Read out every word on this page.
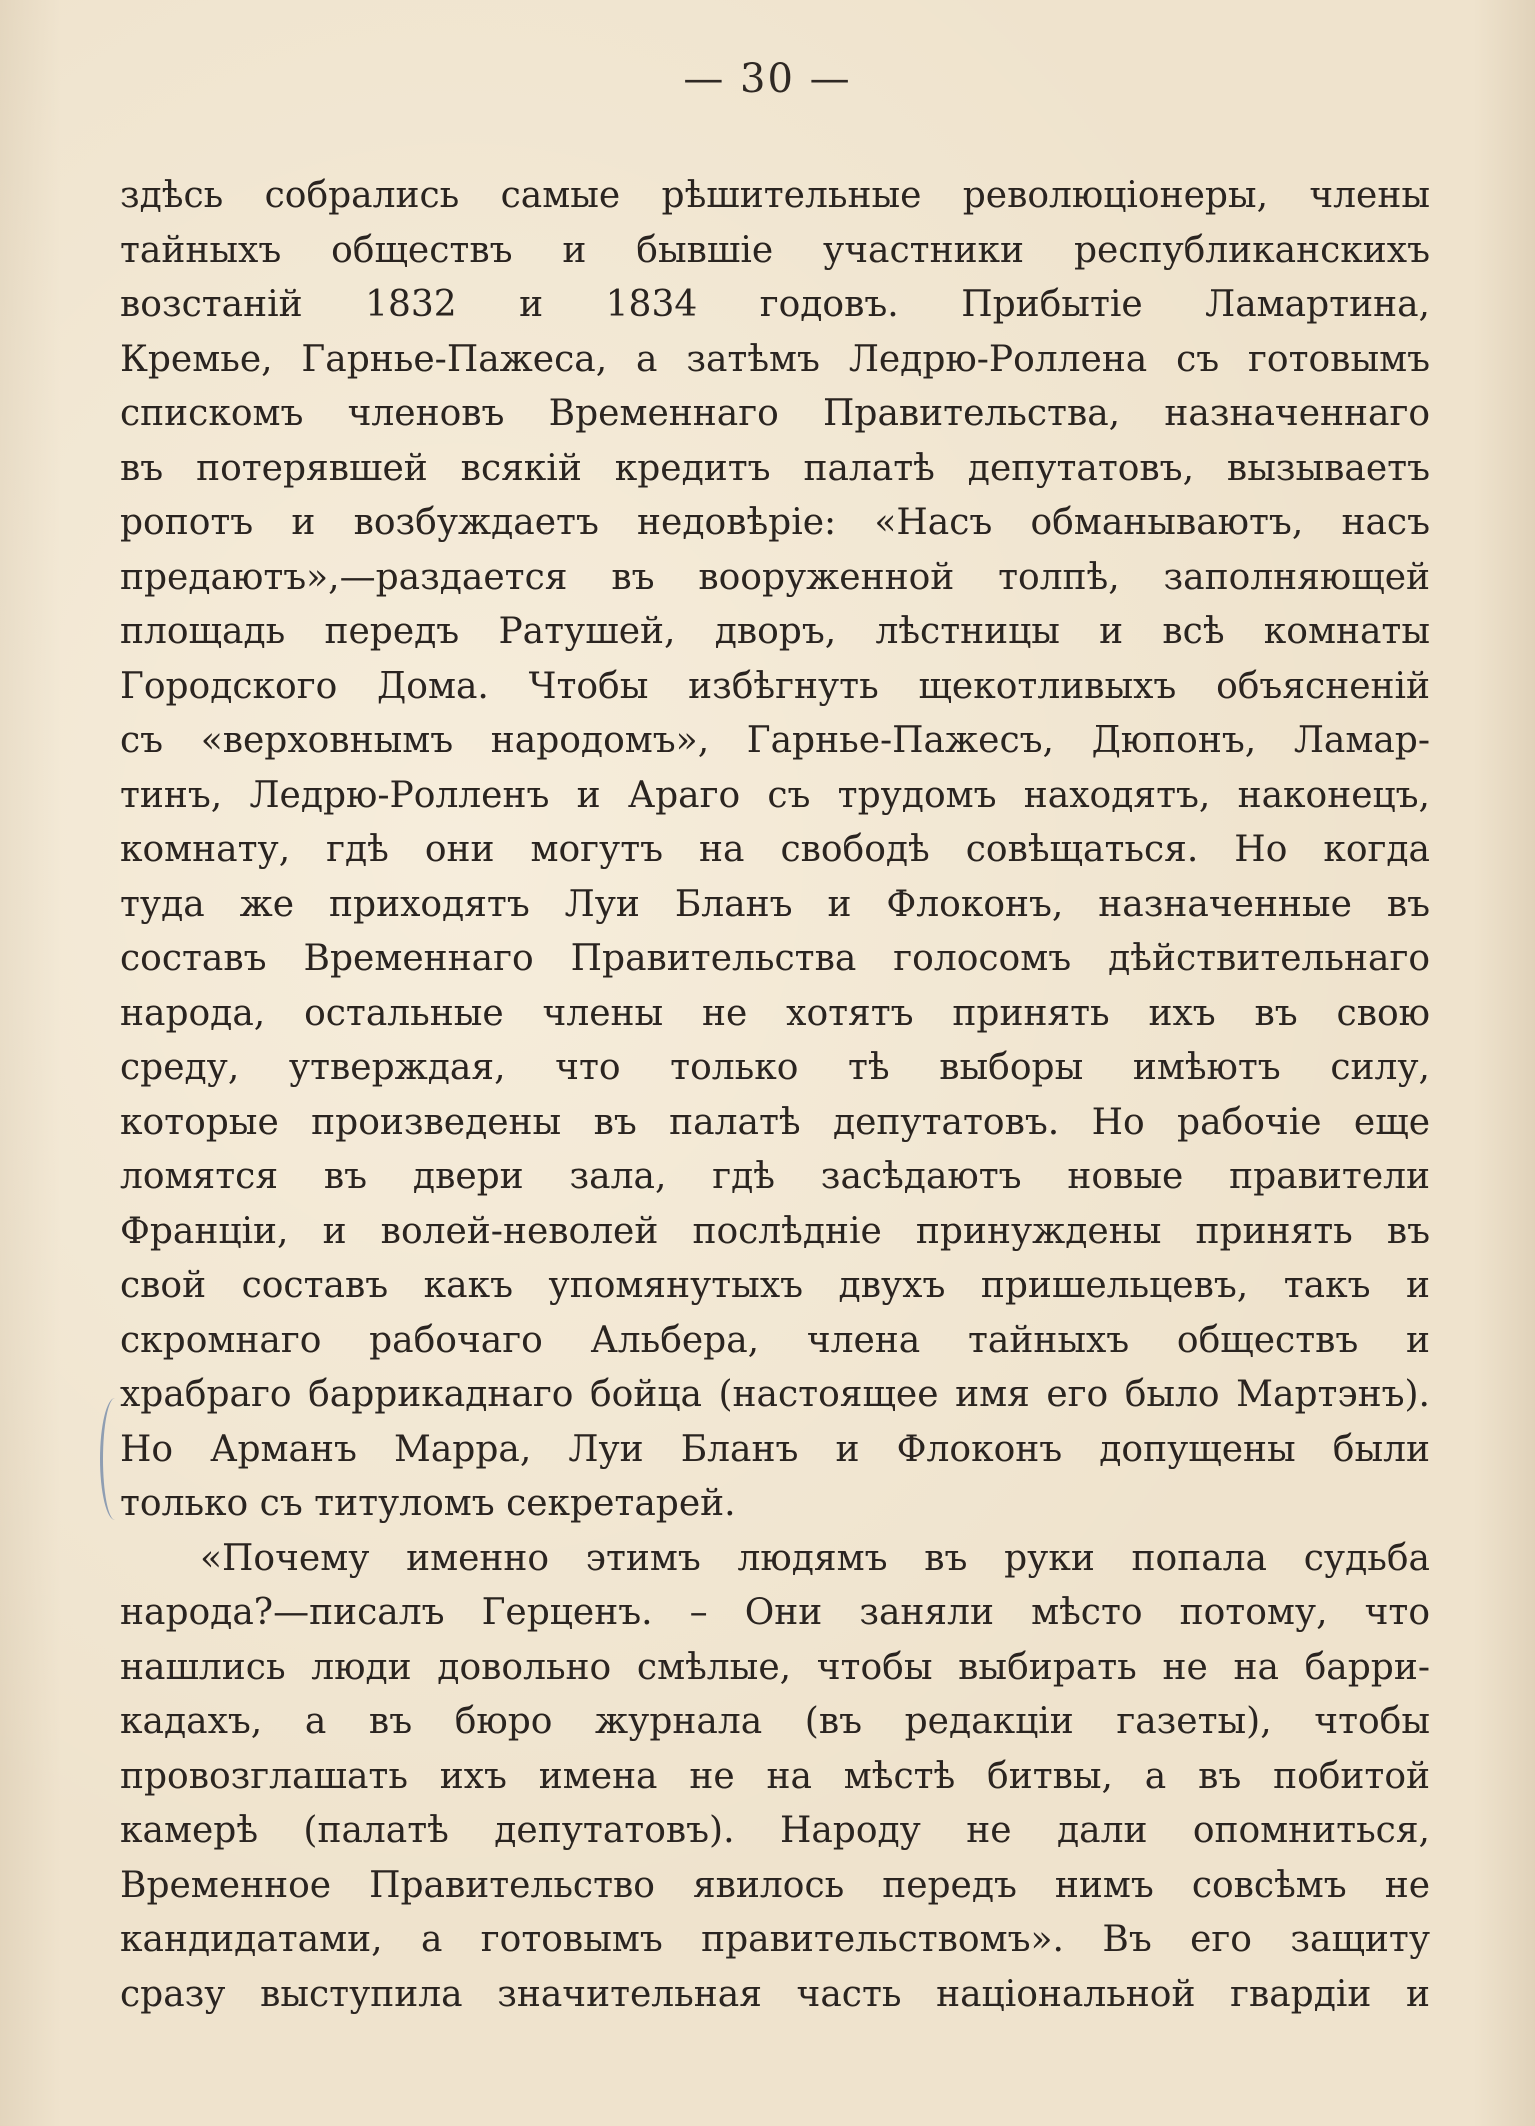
— 30 —
здѣсь собрались самые рѣшительные революціонеры, члены
тайныхъ обществъ и бывшіе участники республиканскихъ
возстаній 1832 и 1834 годовъ. Прибытіе Ламартина,
Кремье, Гарнье-Пажеса, а затѣмъ Ледрю-Роллена съ готовымъ
спискомъ членовъ Временнаго Правительства, назначеннаго
въ потерявшей всякій кредитъ палатѣ депутатовъ, вызываетъ
ропотъ и возбуждаетъ недовѣріе: «Насъ обманываютъ, насъ
предаютъ»,—раздается въ вооруженной толпѣ, заполняющей
площадь передъ Ратушей, дворъ, лѣстницы и всѣ комнаты
Городского Дома. Чтобы избѣгнуть щекотливыхъ объясненій
съ «верховнымъ народомъ», Гарнье-Пажесъ, Дюпонъ, Ламар-
тинъ, Ледрю-Ролленъ и Араго съ трудомъ находятъ, наконецъ,
комнату, гдѣ они могутъ на свободѣ совѣщаться. Но когда
туда же приходятъ Луи Бланъ и Флоконъ, назначенные въ
составъ Временнаго Правительства голосомъ дѣйствительнаго
народа, остальные члены не хотятъ принять ихъ въ свою
среду, утверждая, что только тѣ выборы имѣютъ силу,
которые произведены въ палатѣ депутатовъ. Но рабочіе еще
ломятся въ двери зала, гдѣ засѣдаютъ новые правители
Франціи, и волей-неволей послѣдніе принуждены принять въ
свой составъ какъ упомянутыхъ двухъ пришельцевъ, такъ и
скромнаго рабочаго Альбера, члена тайныхъ обществъ и
храбраго баррикаднаго бойца (настоящее имя его было Мартэнъ).
Но Арманъ Марра, Луи Бланъ и Флоконъ допущены были
только съ титуломъ секретарей.
«Почему именно этимъ людямъ въ руки попала судьба
народа?—писалъ Герценъ. – Они заняли мѣсто потому, что
нашлись люди довольно смѣлые, чтобы выбирать не на барри-
кадахъ, а въ бюро журнала (въ редакціи газеты), чтобы
провозглашать ихъ имена не на мѣстѣ битвы, а въ побитой
камерѣ (палатѣ депутатовъ). Народу не дали опомниться,
Временное Правительство явилось передъ нимъ совсѣмъ не
кандидатами, а готовымъ правительствомъ». Въ его защиту
сразу выступила значительная часть національной гвардіи и
